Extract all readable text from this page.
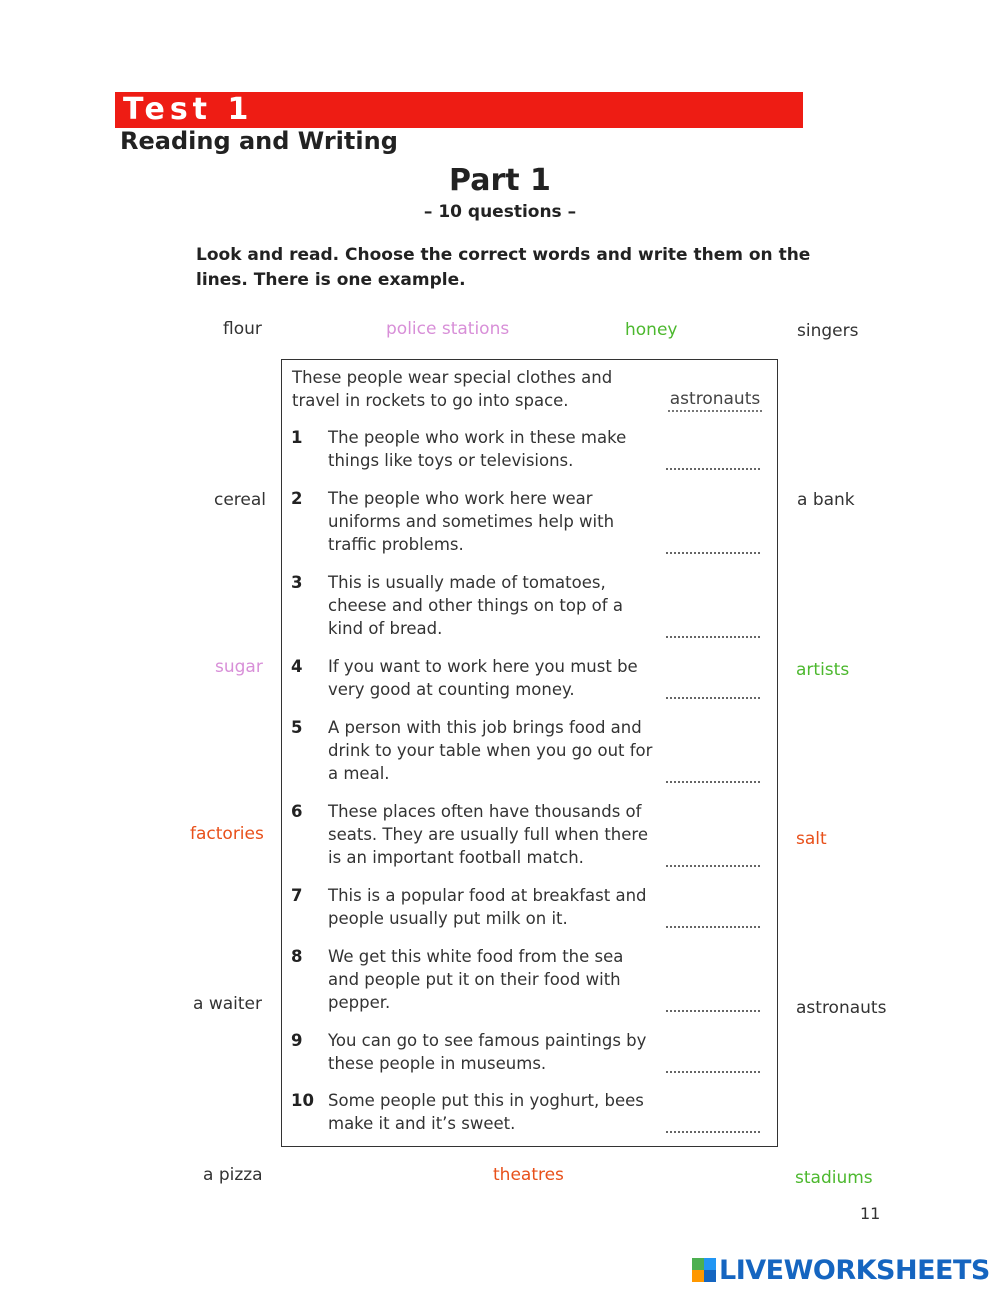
Test 1
Reading and Writing
Part 1
– 10 questions –
Look and read. Choose the correct words and write them on the lines. There is one example.
flour	police stations	honey	singers
cereal	a bank
sugar	artists
factories	salt
a waiter	astronauts
a pizza	theatres	stadiums
These people wear special clothes and travel in rockets to go into space.	astronauts
1 The people who work in these make things like toys or televisions.
2 The people who work here wear uniforms and sometimes help with traffic problems.
3 This is usually made of tomatoes, cheese and other things on top of a kind of bread.
4 If you want to work here you must be very good at counting money.
5 A person with this job brings food and drink to your table when you go out for a meal.
6 These places often have thousands of seats. They are usually full when there is an important football match.
7 This is a popular food at breakfast and people usually put milk on it.
8 We get this white food from the sea and people put it on their food with pepper.
9 You can go to see famous paintings by these people in museums.
10 Some people put this in yoghurt, bees make it and it’s sweet.
11
LIVEWORKSHEETS
